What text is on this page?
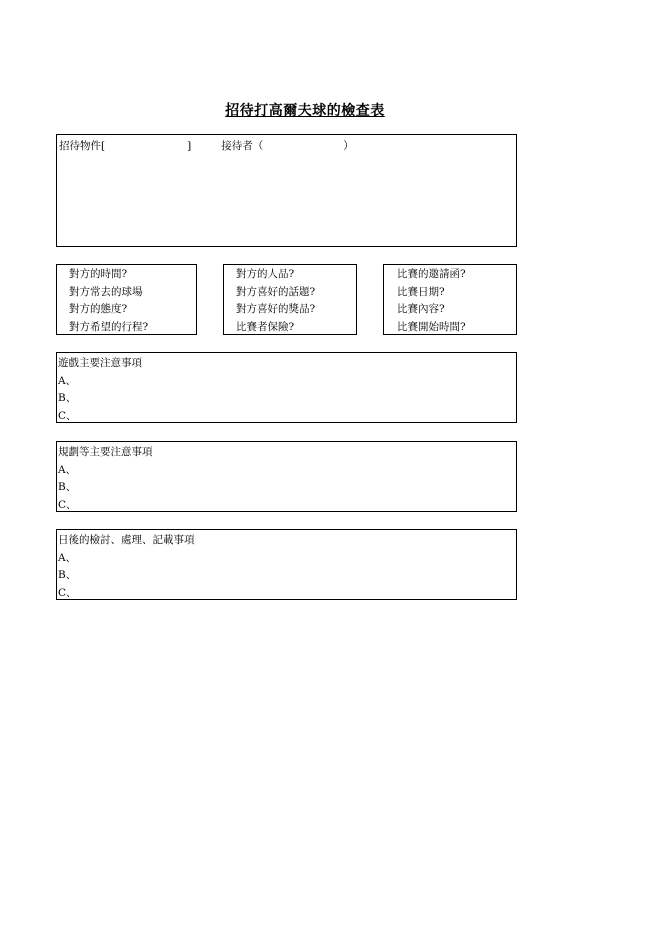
招待打高爾夫球的檢查表
招待物件[	]	接待者（	）
對方的時間?
對方常去的球場
對方的態度?
對方希望的行程?
對方的人品?
對方喜好的話題?
對方喜好的獎品?
比賽者保險?
比賽的邀請函?
比賽日期?
比賽內容?
比賽開始時間?
遊戲主要注意事項
A、
B、
C、
規劃等主要注意事項
A、
B、
C、
日後的檢討、處理、記載事項
A、
B、
C、
